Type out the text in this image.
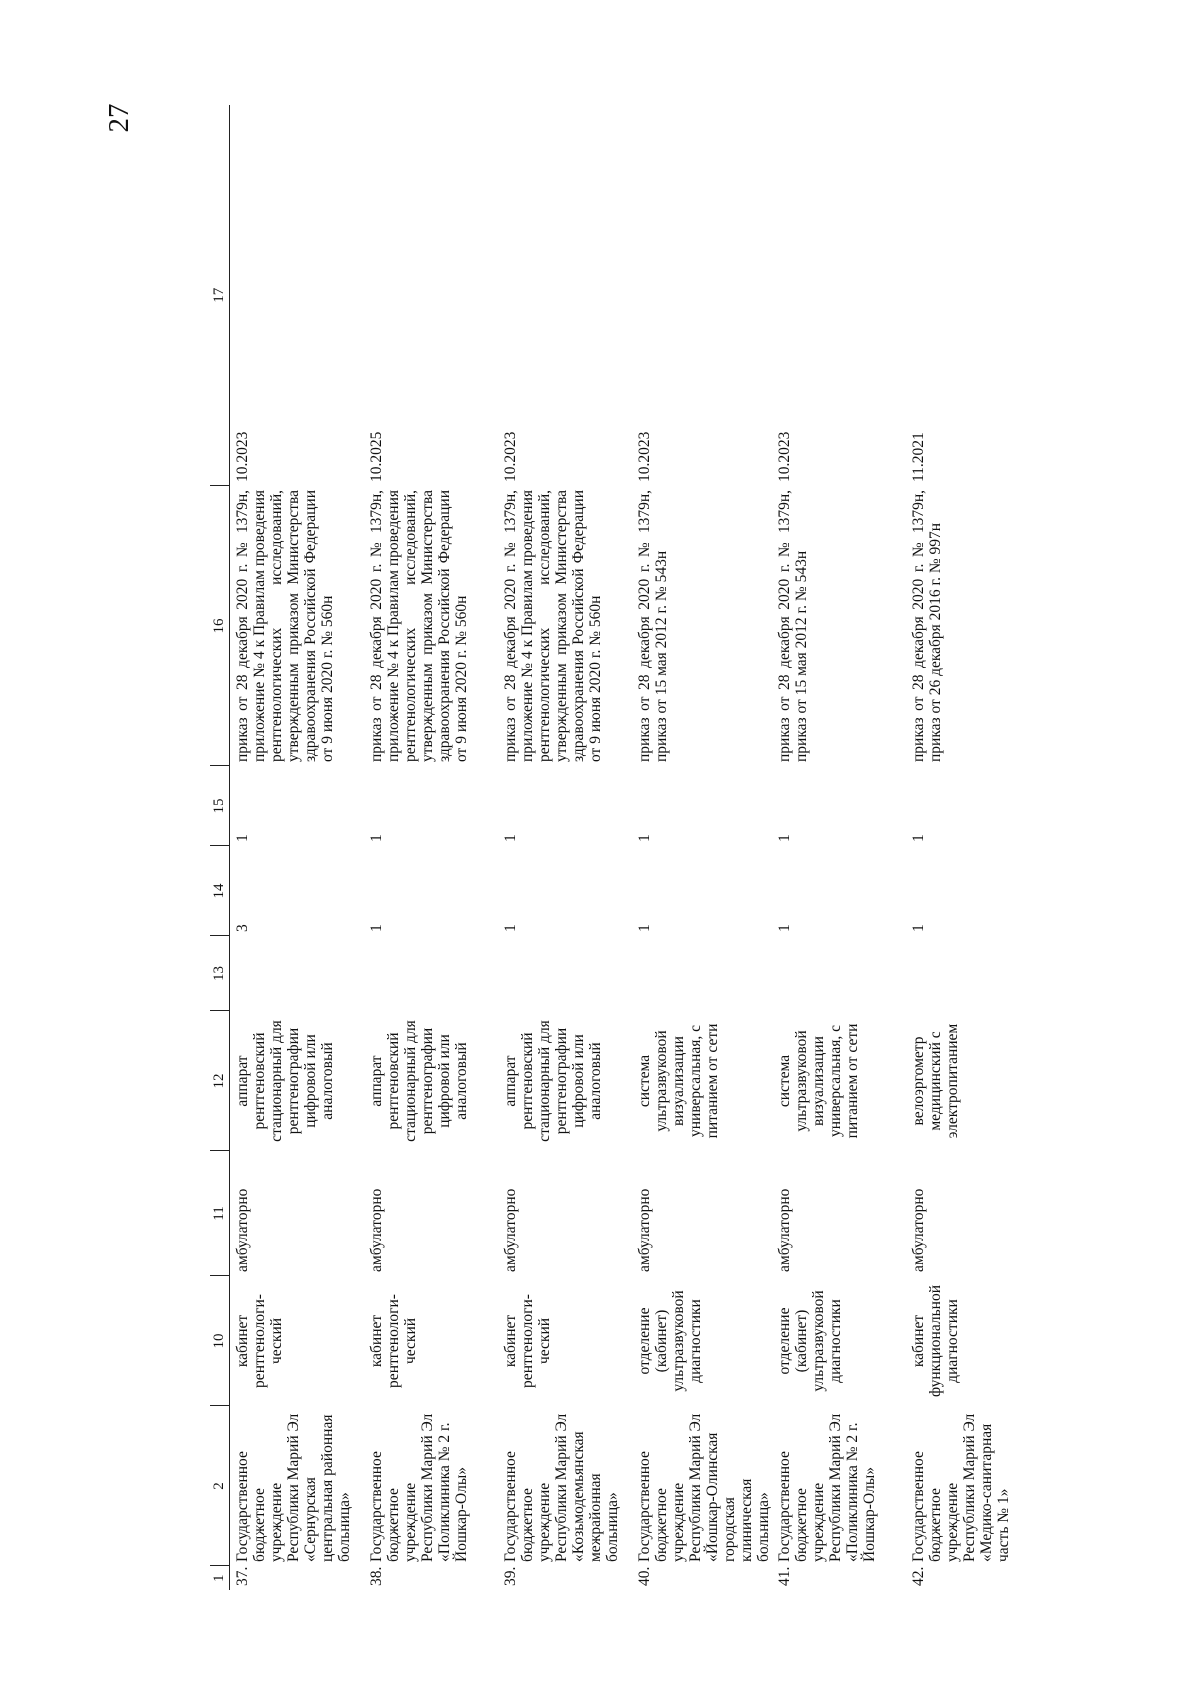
27
1	2	10	11	12	13	14	15	16	17
37.	Государственное бюджетное учреждение Республики Марий Эл «Сернурская центральная районная больница»	кабинет рентгенологи-ческий	амбулаторно	аппарат рентгеновский стационарный для рентгенографии цифровой или аналоговый		3	1	приказ от 28 декабря 2020 г. № 1379н, приложение № 4 к Правилам проведения рентгенологических исследований, утвержденным приказом Министерства здравоохранения Российской Федерации от 9 июня 2020 г. № 560н	10.2023
38.	Государственное бюджетное учреждение Республики Марий Эл «Поликлиника № 2 г. Йошкар-Олы»	кабинет рентгенологи-ческий	амбулаторно	аппарат рентгеновский стационарный для рентгенографии цифровой или аналоговый		1	1	приказ от 28 декабря 2020 г. № 1379н, приложение № 4 к Правилам проведения рентгенологических исследований, утвержденным приказом Министерства здравоохранения Российской Федерации от 9 июня 2020 г. № 560н	10.2025
39.	Государственное бюджетное учреждение Республики Марий Эл «Козьмодемьянская межрайонная больница»	кабинет рентгенологи-ческий	амбулаторно	аппарат рентгеновский стационарный для рентгенографии цифровой или аналоговый		1	1	приказ от 28 декабря 2020 г. № 1379н, приложение № 4 к Правилам проведения рентгенологических исследований, утвержденным приказом Министерства здравоохранения Российской Федерации от 9 июня 2020 г. № 560н	10.2023
40.	Государственное бюджетное учреждение Республики Марий Эл «Йошкар-Олинская городская клиническая больница»	отделение (кабинет) ультразвуковой диагностики	амбулаторно	система ультразвуковой визуализации универсальная, с питанием от сети		1	1	приказ от 28 декабря 2020 г. № 1379н, приказ от 15 мая 2012 г. № 543н	10.2023
41.	Государственное бюджетное учреждение Республики Марий Эл «Поликлиника № 2 г. Йошкар-Олы»	отделение (кабинет) ультразвуковой диагностики	амбулаторно	система ультразвуковой визуализации универсальная, с питанием от сети		1	1	приказ от 28 декабря 2020 г. № 1379н, приказ от 15 мая 2012 г. № 543н	10.2023
42.	Государственное бюджетное учреждение Республики Марий Эл «Медико-санитарная часть № 1»	кабинет функциональной диагностики	амбулаторно	велоэргометр медицинский с электропитанием		1	1	приказ от 28 декабря 2020 г. № 1379н, приказ от 26 декабря 2016 г. № 997н	11.2021
